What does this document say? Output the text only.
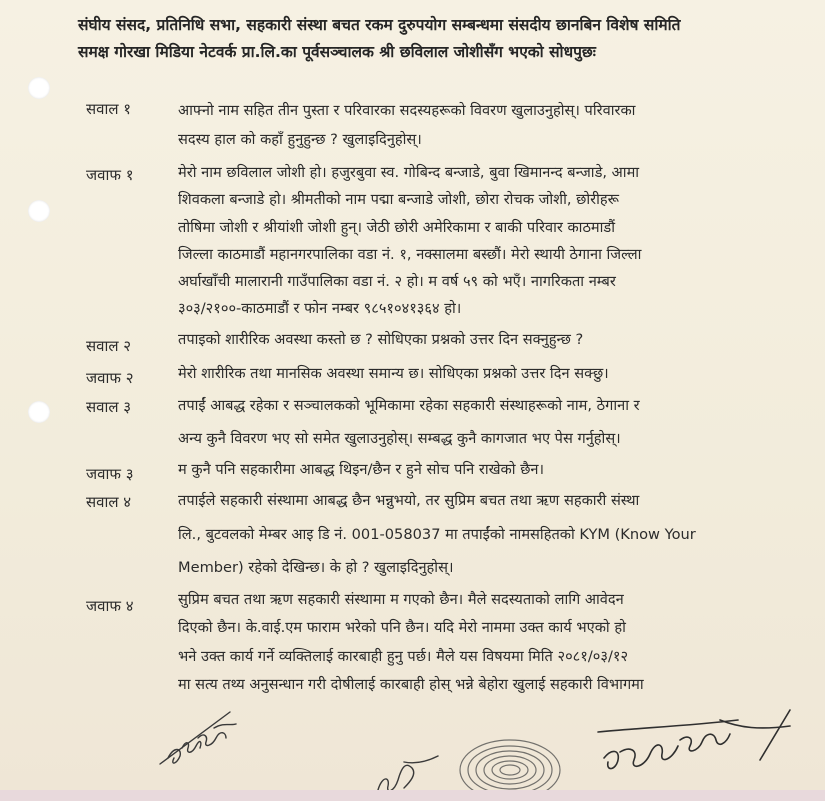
संघीय संसद, प्रतिनिधि सभा, सहकारी संस्था बचत रकम दुरुपयोग सम्बन्धमा संसदीय छानबिन विशेष समिति
समक्ष गोरखा मिडिया नेटवर्क प्रा.लि.का पूर्वसञ्चालक श्री छविलाल जोशीसँग भएको सोधपुछः
सवाल १	आफ्नो नाम सहित तीन पुस्ता र परिवारका सदस्यहरूको विवरण खुलाउनुहोस्। परिवारका
सदस्य हाल को कहाँ हुनुहुन्छ ? खुलाइदिनुहोस्।
जवाफ १	मेरो नाम छविलाल जोशी हो। हजुरबुवा स्व. गोबिन्द बन्जाडे, बुवा खिमानन्द बन्जाडे, आमा
शिवकला बन्जाडे हो। श्रीमतीको नाम पद्मा बन्जाडे जोशी, छोरा रोचक जोशी, छोरीहरू
तोषिमा जोशी र श्रीयांशी जोशी हुन्। जेठी छोरी अमेरिकामा र बाकी परिवार काठमाडौं
जिल्ला काठमाडौं महानगरपालिका वडा नं. १, नक्सालमा बस्छौं। मेरो स्थायी ठेगाना जिल्ला
अर्घाखाँची मालारानी गाउँपालिका वडा नं. २ हो। म वर्ष ५९ को भएँ। नागरिकता नम्बर
३०३/२१००-काठमाडौं र फोन नम्बर ९८५१०४१३६४ हो।
सवाल २	तपाइको शारीरिक अवस्था कस्तो छ ? सोधिएका प्रश्नको उत्तर दिन सक्नुहुन्छ ?
जवाफ २	मेरो शारीरिक तथा मानसिक अवस्था समान्य छ। सोधिएका प्रश्नको उत्तर दिन सक्छु।
सवाल ३	तपाईं आबद्ध रहेका र सञ्चालकको भूमिकामा रहेका सहकारी संस्थाहरूको नाम, ठेगाना र
अन्य कुनै विवरण भए सो समेत खुलाउनुहोस्। सम्बद्ध कुनै कागजात भए पेस गर्नुहोस्।
जवाफ ३	म कुनै पनि सहकारीमा आबद्ध थिइन/छैन र हुने सोच पनि राखेको छैन।
सवाल ४	तपाईले सहकारी संस्थामा आबद्ध छैन भन्नुभयो, तर सुप्रिम बचत तथा ऋण सहकारी संस्था
लि., बुटवलको मेम्बर आइ डि नं. 001-058037 मा तपाईंको नामसहितको KYM (Know Your
Member) रहेको देखिन्छ। के हो ? खुलाइदिनुहोस्।
जवाफ ४	सुप्रिम बचत तथा ऋण सहकारी संस्थामा म गएको छैन। मैले सदस्यताको लागि आवेदन
दिएको छैन। के.वाई.एम फाराम भरेको पनि छैन। यदि मेरो नाममा उक्त कार्य भएको हो
भने उक्त कार्य गर्ने व्यक्तिलाई कारबाही हुनु पर्छ। मैले यस विषयमा मिति २०८१/०३/१२
मा सत्य तथ्य अनुसन्धान गरी दोषीलाई कारबाही होस् भन्ने बेहोरा खुलाई सहकारी विभागमा
